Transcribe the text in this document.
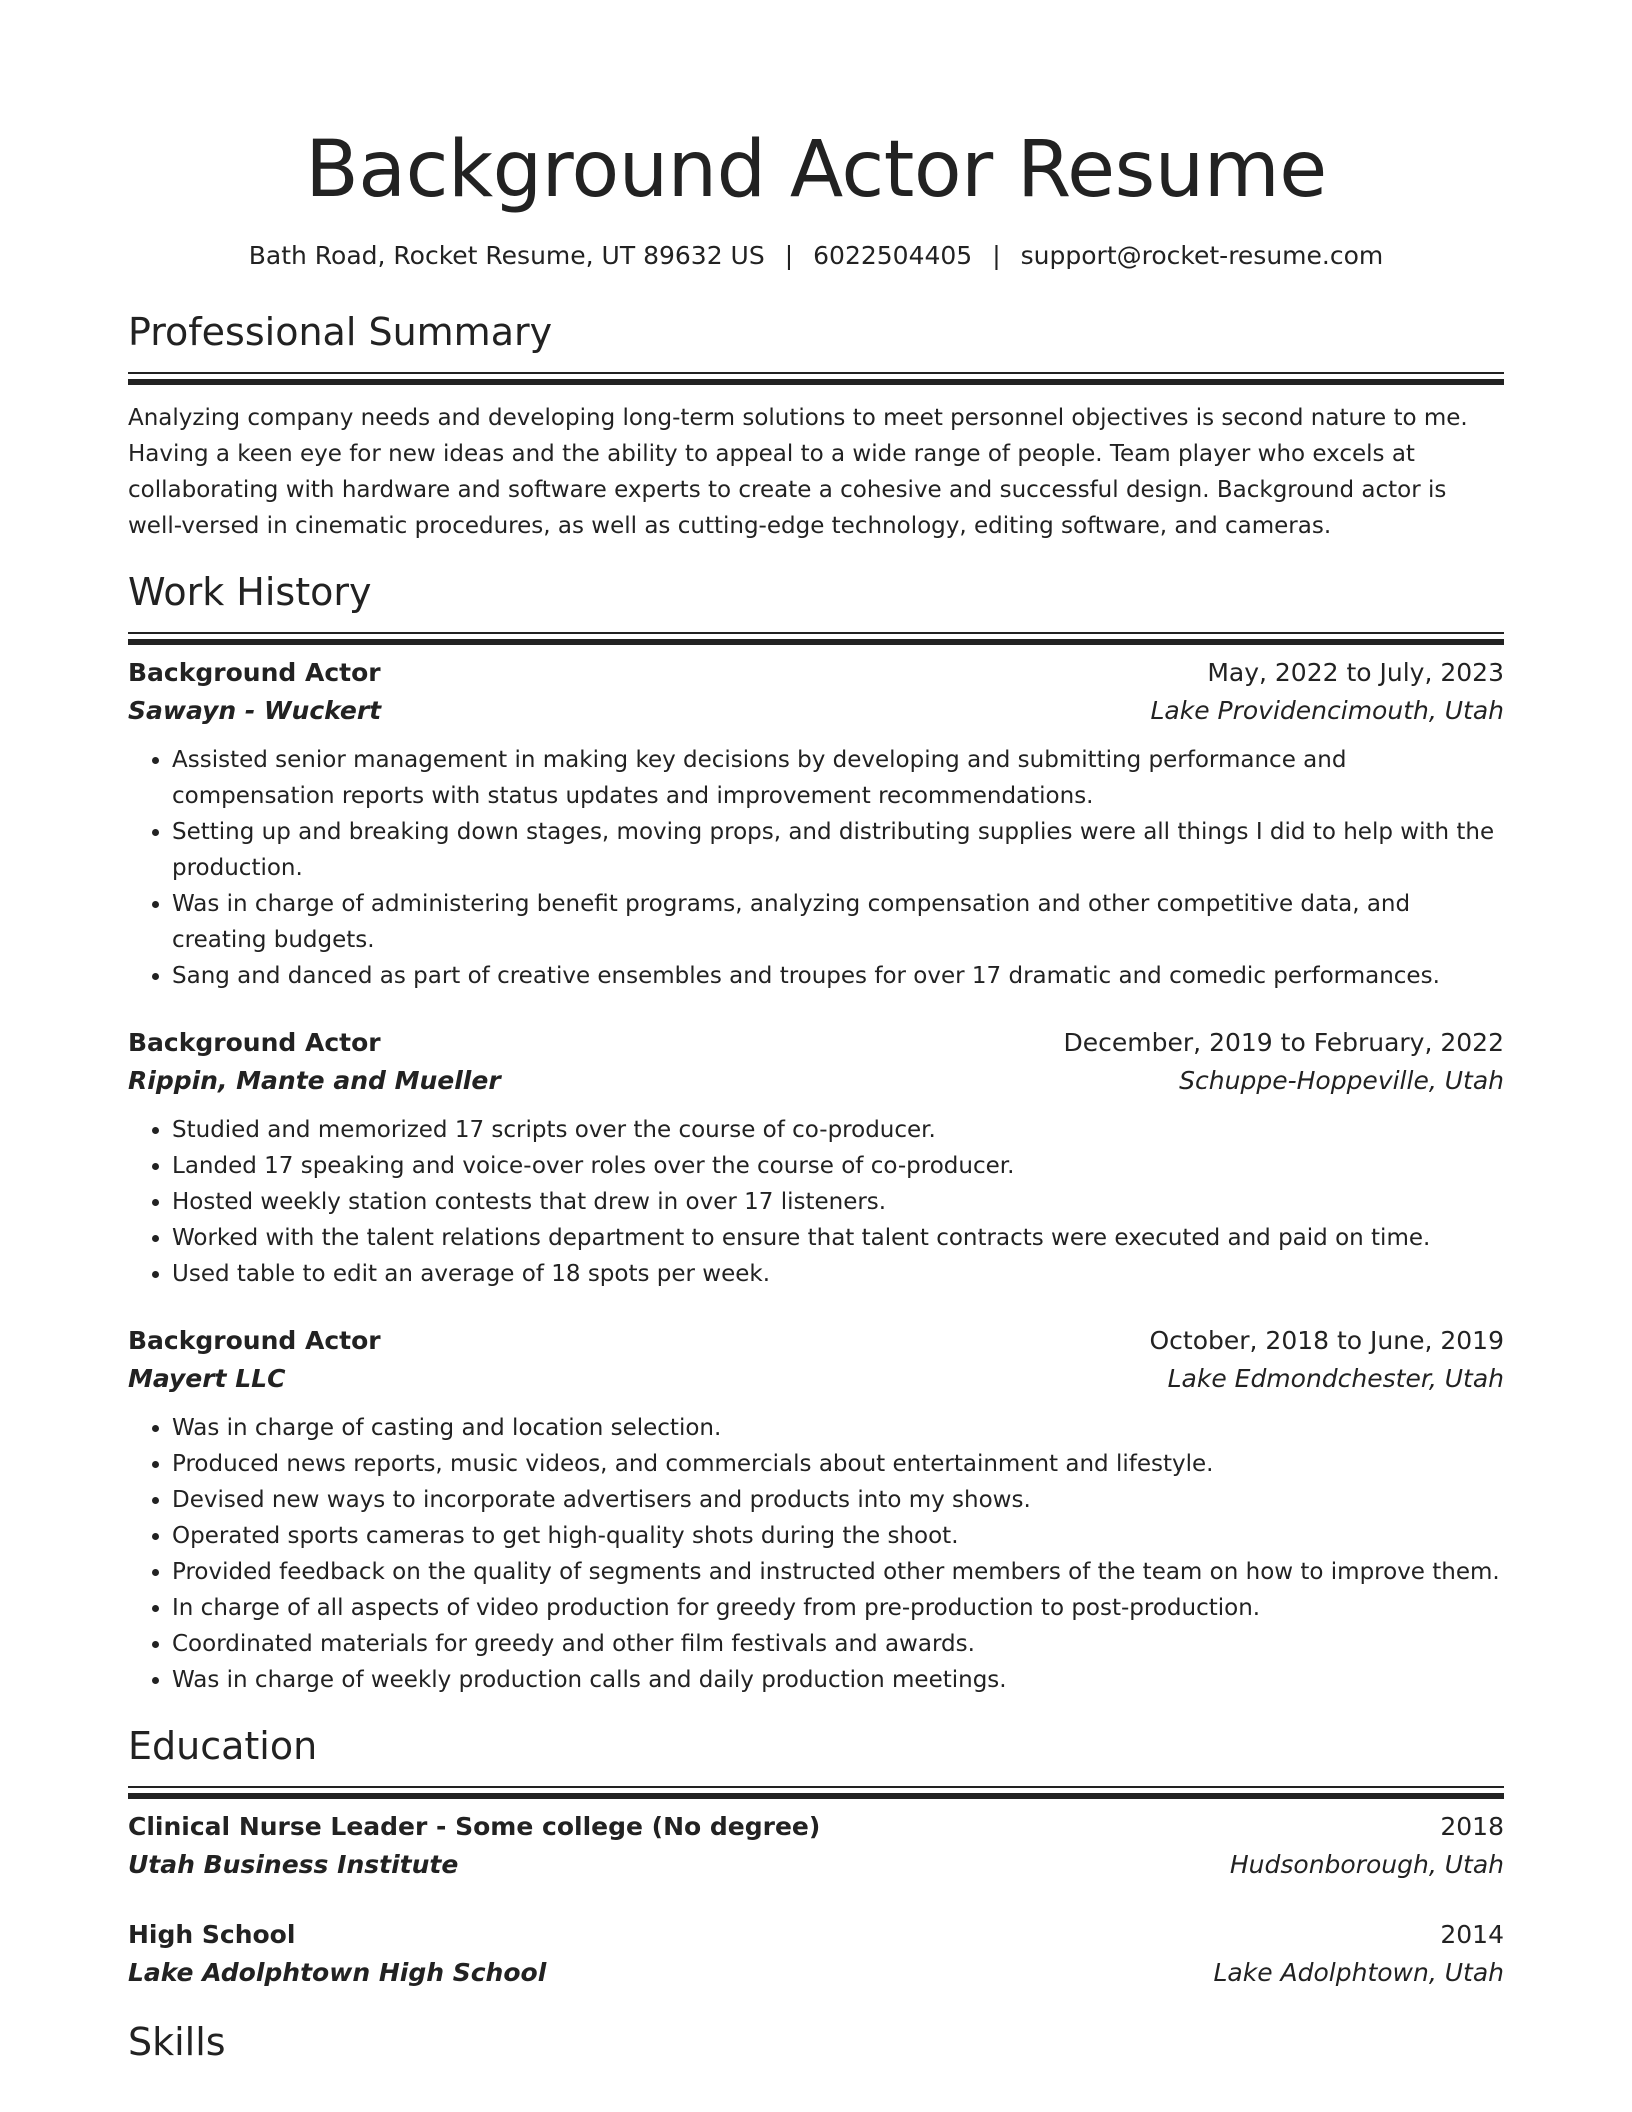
Background Actor Resume
Bath Road, Rocket Resume, UT 89632 US | 6022504405 | support@rocket-resume.com
Professional Summary
Analyzing company needs and developing long-term solutions to meet personnel objectives is second nature to me. Having a keen eye for new ideas and the ability to appeal to a wide range of people. Team player who excels at collaborating with hardware and software experts to create a cohesive and successful design. Background actor is well-versed in cinematic procedures, as well as cutting-edge technology, editing software, and cameras.
Work History
Background Actor	May, 2022 to July, 2023
Sawayn - Wuckert	Lake Providencimouth, Utah
• Assisted senior management in making key decisions by developing and submitting performance and compensation reports with status updates and improvement recommendations.
• Setting up and breaking down stages, moving props, and distributing supplies were all things I did to help with the production.
• Was in charge of administering benefit programs, analyzing compensation and other competitive data, and creating budgets.
• Sang and danced as part of creative ensembles and troupes for over 17 dramatic and comedic performances.
Background Actor	December, 2019 to February, 2022
Rippin, Mante and Mueller	Schuppe-Hoppeville, Utah
• Studied and memorized 17 scripts over the course of co-producer.
• Landed 17 speaking and voice-over roles over the course of co-producer.
• Hosted weekly station contests that drew in over 17 listeners.
• Worked with the talent relations department to ensure that talent contracts were executed and paid on time.
• Used table to edit an average of 18 spots per week.
Background Actor	October, 2018 to June, 2019
Mayert LLC	Lake Edmondchester, Utah
• Was in charge of casting and location selection.
• Produced news reports, music videos, and commercials about entertainment and lifestyle.
• Devised new ways to incorporate advertisers and products into my shows.
• Operated sports cameras to get high-quality shots during the shoot.
• Provided feedback on the quality of segments and instructed other members of the team on how to improve them.
• In charge of all aspects of video production for greedy from pre-production to post-production.
• Coordinated materials for greedy and other film festivals and awards.
• Was in charge of weekly production calls and daily production meetings.
Education
Clinical Nurse Leader - Some college (No degree)	2018
Utah Business Institute	Hudsonborough, Utah
High School	2014
Lake Adolphtown High School	Lake Adolphtown, Utah
Skills
